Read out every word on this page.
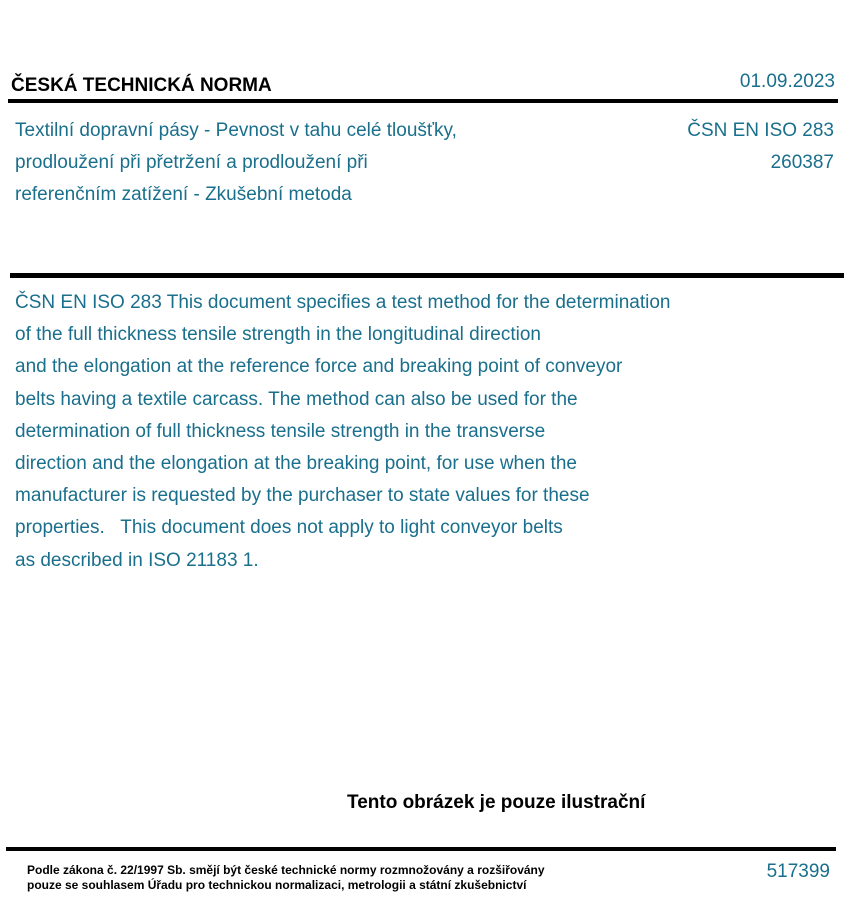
ČESKÁ TECHNICKÁ NORMA	01.09.2023
Textilní dopravní pásy - Pevnost v tahu celé tloušťky,
prodloužení při přetržení a prodloužení při
referenčním zatížení - Zkušební metoda
ČSN EN ISO 283
260387

ČSN EN ISO 283 This document specifies a test method for the determination

of the full thickness tensile strength in the longitudinal direction

and the elongation at the reference force and breaking point of conveyor

belts having a textile carcass. The method can also be used for the

determination of full thickness tensile strength in the transverse

direction and the elongation at the breaking point, for use when the

manufacturer is requested by the purchaser to state values for these

properties.   This document does not apply to light conveyor belts

as described in ISO 21183 1.

Tento obrázek je pouze ilustrační
Podle zákona č. 22/1997 Sb. smějí být české technické normy rozmnožovány a rozšiřovány
pouze se souhlasem Úřadu pro technickou normalizaci, metrologii a státní zkušebnictví
517399
